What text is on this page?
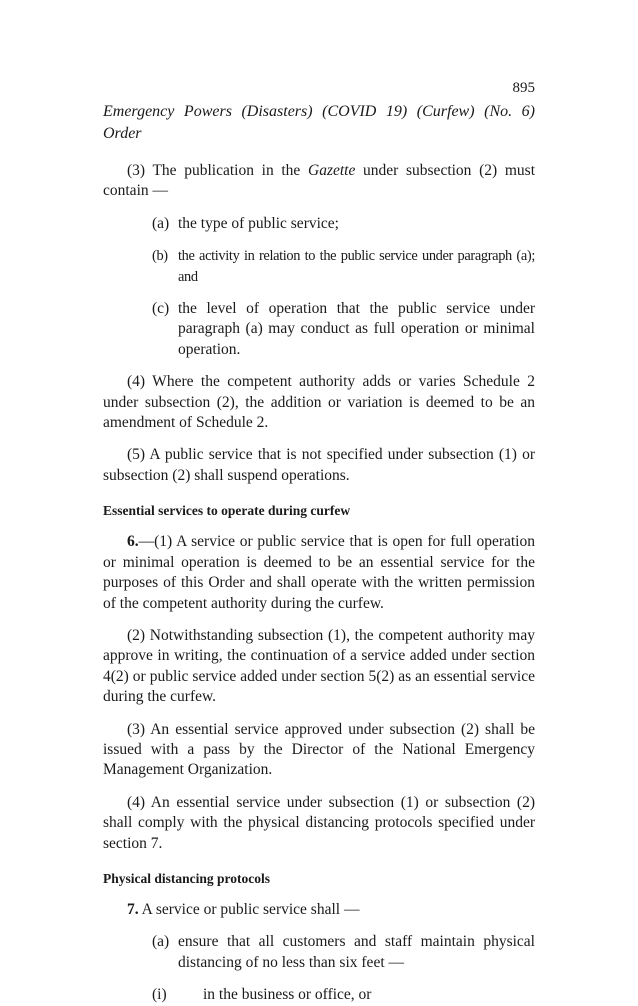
895
Emergency Powers (Disasters) (COVID 19) (Curfew) (No. 6) Order

(3) The publication in the Gazette under subsection (2) must contain —

(a) the type of public service;

(b) the activity in relation to the public service under paragraph (a); and

(c) the level of operation that the public service under paragraph (a) may conduct as full operation or minimal operation.

(4) Where the competent authority adds or varies Schedule 2 under subsection (2), the addition or variation is deemed to be an amendment of Schedule 2.

(5) A public service that is not specified under subsection (1) or subsection (2) shall suspend operations.

Essential services to operate during curfew

6.—(1) A service or public service that is open for full operation or minimal operation is deemed to be an essential service for the purposes of this Order and shall operate with the written permission of the competent authority during the curfew.

(2) Notwithstanding subsection (1), the competent authority may approve in writing, the continuation of a service added under section 4(2) or public service added under section 5(2) as an essential service during the curfew.

(3) An essential service approved under subsection (2) shall be issued with a pass by the Director of the National Emergency Management Organization.

(4) An essential service under subsection (1) or subsection (2) shall comply with the physical distancing protocols specified under section 7.

Physical distancing protocols

7. A service or public service shall —

(a) ensure that all customers and staff maintain physical distancing of no less than six feet —

(i) in the business or office, or
